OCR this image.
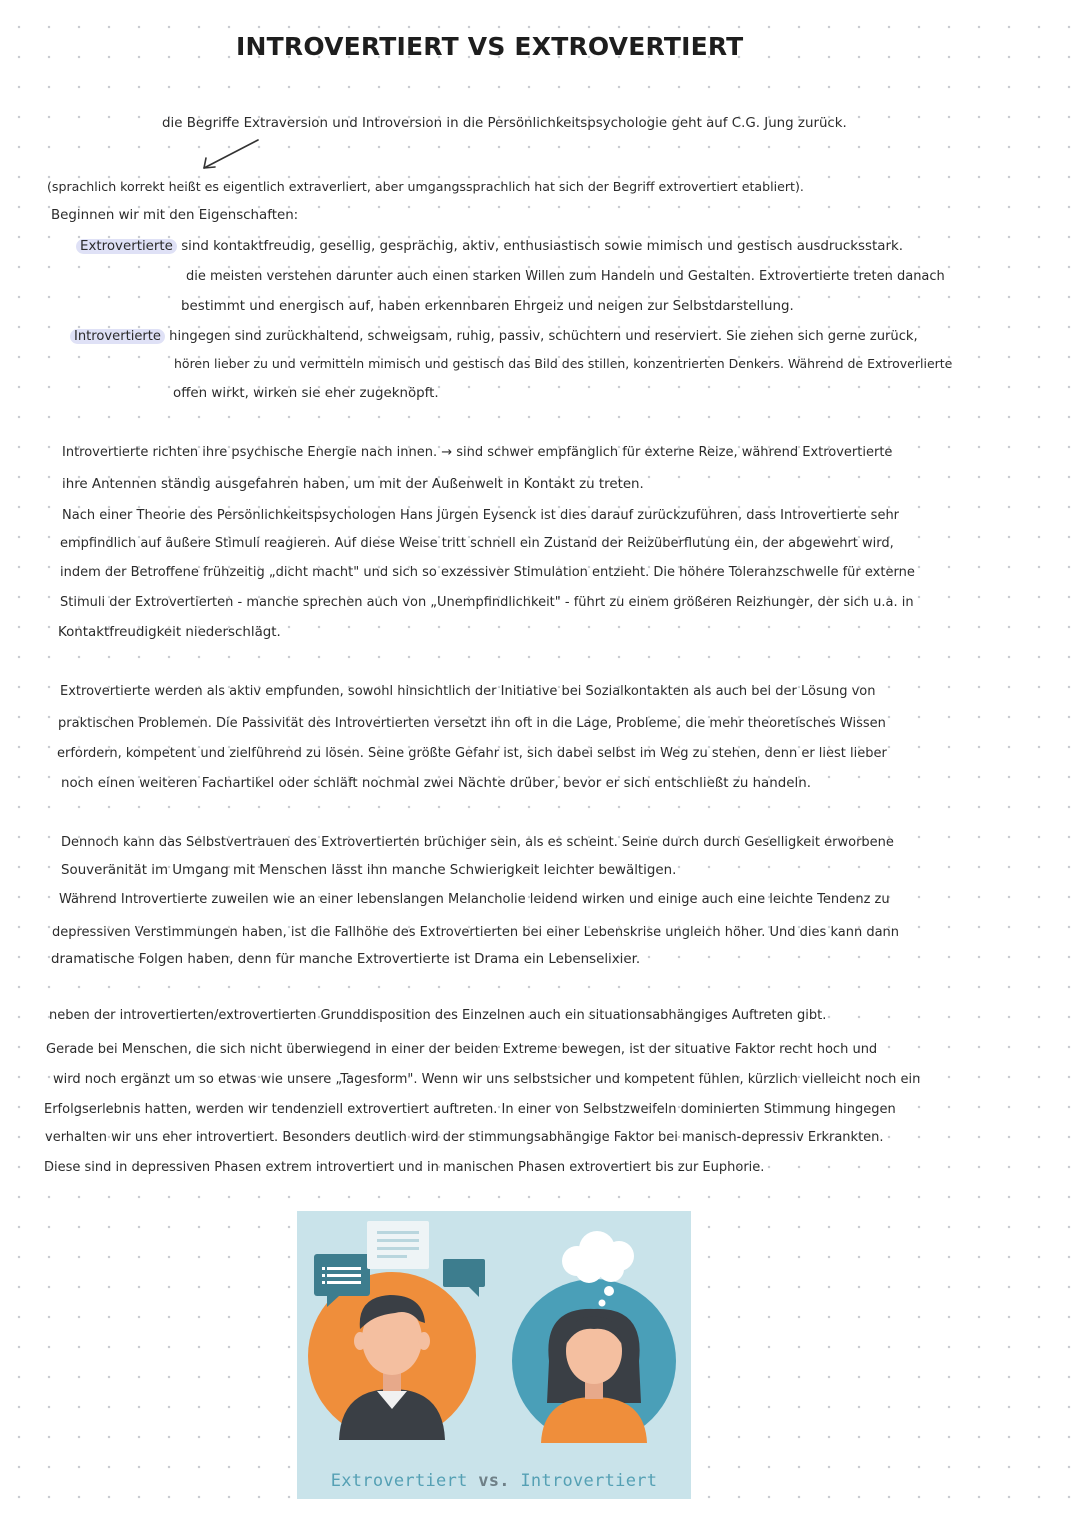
INTROVERTIERT VS EXTROVERTIERT
die Begriffe Extraversion und Introversion in die Persönlichkeitspsychologie geht auf C.G. Jung zurück.
(sprachlich korrekt heißt es eigentlich extraverliert, aber umgangssprachlich hat sich der Begriff extrovertiert etabliert).
Beginnen wir mit den Eigenschaften:
Extrovertierte sind kontaktfreudig, gesellig, gesprächig, aktiv, enthusiastisch sowie mimisch und gestisch ausdrucksstark.
die meisten verstehen darunter auch einen starken Willen zum Handeln und Gestalten. Extrovertierte treten danach
bestimmt und energisch auf, haben erkennbaren Ehrgeiz und neigen zur Selbstdarstellung.
Introvertierte hingegen sind zurückhaltend, schweigsam, ruhig, passiv, schüchtern und reserviert. Sie ziehen sich gerne zurück,
hören lieber zu und vermitteln mimisch und gestisch das Bild des stillen, konzentrierten Denkers. Während de Extroverlierte
offen wirkt, wirken sie eher zugeknöpft.
Introvertierte richten ihre psychische Energie nach innen. → sind schwer empfänglich für externe Reize, während Extrovertierte
ihre Antennen ständig ausgefahren haben, um mit der Außenwelt in Kontakt zu treten.
Nach einer Theorie des Persönlichkeitspsychologen Hans Jürgen Eysenck ist dies darauf zurückzuführen, dass Introvertierte sehr
empfindlich auf äußere Stimuli reagieren. Auf diese Weise tritt schnell ein Zustand der Reizüberflutung ein, der abgewehrt wird,
indem der Betroffene frühzeitig „dicht macht" und sich so exzessiver Stimulation entzieht. Die höhere Toleranzschwelle für externe
Stimuli der Extrovertierten - manche sprechen auch von „Unempfindlichkeit" - führt zu einem größeren Reizhunger, der sich u.a. in
Kontaktfreudigkeit niederschlägt.
Extrovertierte werden als aktiv empfunden, sowohl hinsichtlich der Initiative bei Sozialkontakten als auch bei der Lösung von
praktischen Problemen. Die Passivität des Introvertierten versetzt ihn oft in die Lage, Probleme, die mehr theoretisches Wissen
erfordern, kompetent und zielführend zu lösen. Seine größte Gefahr ist, sich dabei selbst im Weg zu stehen, denn er liest lieber
noch einen weiteren Fachartikel oder schläft nochmal zwei Nächte drüber, bevor er sich entschließt zu handeln.
Dennoch kann das Selbstvertrauen des Extrovertierten brüchiger sein, als es scheint. Seine durch durch Geselligkeit erworbene
Souveränität im Umgang mit Menschen lässt ihn manche Schwierigkeit leichter bewältigen.
Während Introvertierte zuweilen wie an einer lebenslangen Melancholie leidend wirken und einige auch eine leichte Tendenz zu
depressiven Verstimmungen haben, ist die Fallhöhe des Extrovertierten bei einer Lebenskrise ungleich höher. Und dies kann dann
dramatische Folgen haben, denn für manche Extrovertierte ist Drama ein Lebenselixier.
neben der introvertierten/extrovertierten Grunddisposition des Einzelnen auch ein situationsabhängiges Auftreten gibt.
Gerade bei Menschen, die sich nicht überwiegend in einer der beiden Extreme bewegen, ist der situative Faktor recht hoch und
wird noch ergänzt um so etwas wie unsere „Tagesform". Wenn wir uns selbstsicher und kompetent fühlen, kürzlich vielleicht noch ein
Erfolgserlebnis hatten, werden wir tendenziell extrovertiert auftreten. In einer von Selbstzweifeln dominierten Stimmung hingegen
verhalten wir uns eher introvertiert. Besonders deutlich wird der stimmungsabhängige Faktor bei manisch-depressiv Erkrankten.
Diese sind in depressiven Phasen extrem introvertiert und in manischen Phasen extrovertiert bis zur Euphorie.
Extrovertiert vs. Introvertiert
